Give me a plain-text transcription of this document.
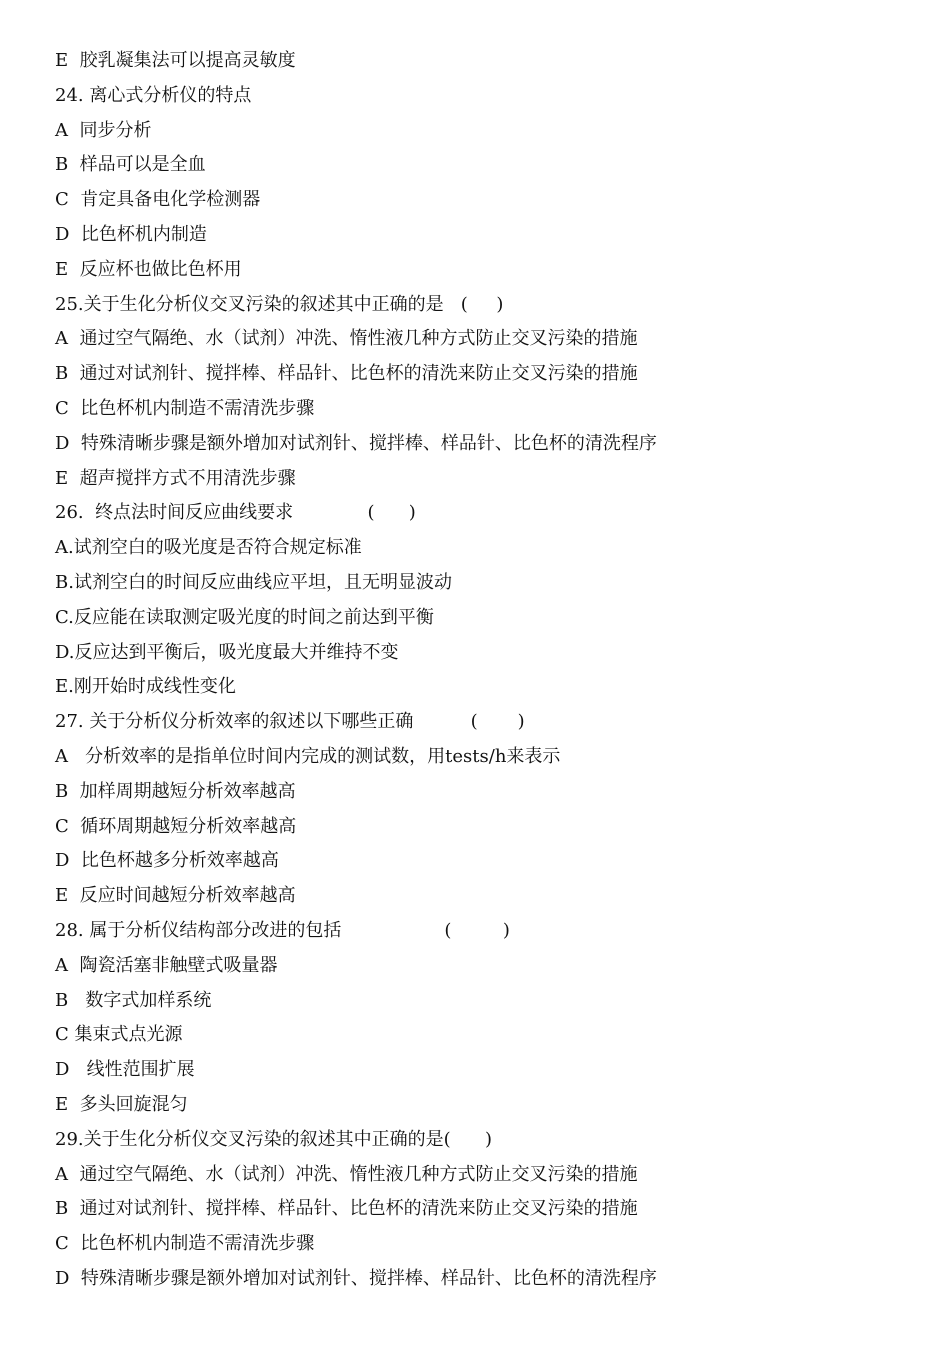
E  胶乳凝集法可以提高灵敏度
24. 离心式分析仪的特点
A  同步分析
B  样品可以是全血
C  肯定具备电化学检测器
D  比色杯机内制造
E  反应杯也做比色杯用
25.关于生化分析仪交叉污染的叙述其中正确的是   (     )
A  通过空气隔绝、水（试剂）冲洗、惰性液几种方式防止交叉污染的措施
B  通过对试剂针、搅拌棒、样品针、比色杯的清洗来防止交叉污染的措施
C  比色杯机内制造不需清洗步骤
D  特殊清晰步骤是额外增加对试剂针、搅拌棒、样品针、比色杯的清洗程序
E  超声搅拌方式不用清洗步骤
26.  终点法时间反应曲线要求             (      )
A.试剂空白的吸光度是否符合规定标准
B.试剂空白的时间反应曲线应平坦，且无明显波动
C.反应能在读取测定吸光度的时间之前达到平衡
D.反应达到平衡后，吸光度最大并维持不变
E.刚开始时成线性变化
27. 关于分析仪分析效率的叙述以下哪些正确          (       )
A   分析效率的是指单位时间内完成的测试数，用tests/h来表示
B  加样周期越短分析效率越高
C  循环周期越短分析效率越高
D  比色杯越多分析效率越高
E  反应时间越短分析效率越高
28. 属于分析仪结构部分改进的包括                  (         )
A  陶瓷活塞非触壁式吸量器
B   数字式加样系统
C 集束式点光源
D   线性范围扩展
E  多头回旋混匀
29.关于生化分析仪交叉污染的叙述其中正确的是(      )
A  通过空气隔绝、水（试剂）冲洗、惰性液几种方式防止交叉污染的措施
B  通过对试剂针、搅拌棒、样品针、比色杯的清洗来防止交叉污染的措施
C  比色杯机内制造不需清洗步骤
D  特殊清晰步骤是额外增加对试剂针、搅拌棒、样品针、比色杯的清洗程序
